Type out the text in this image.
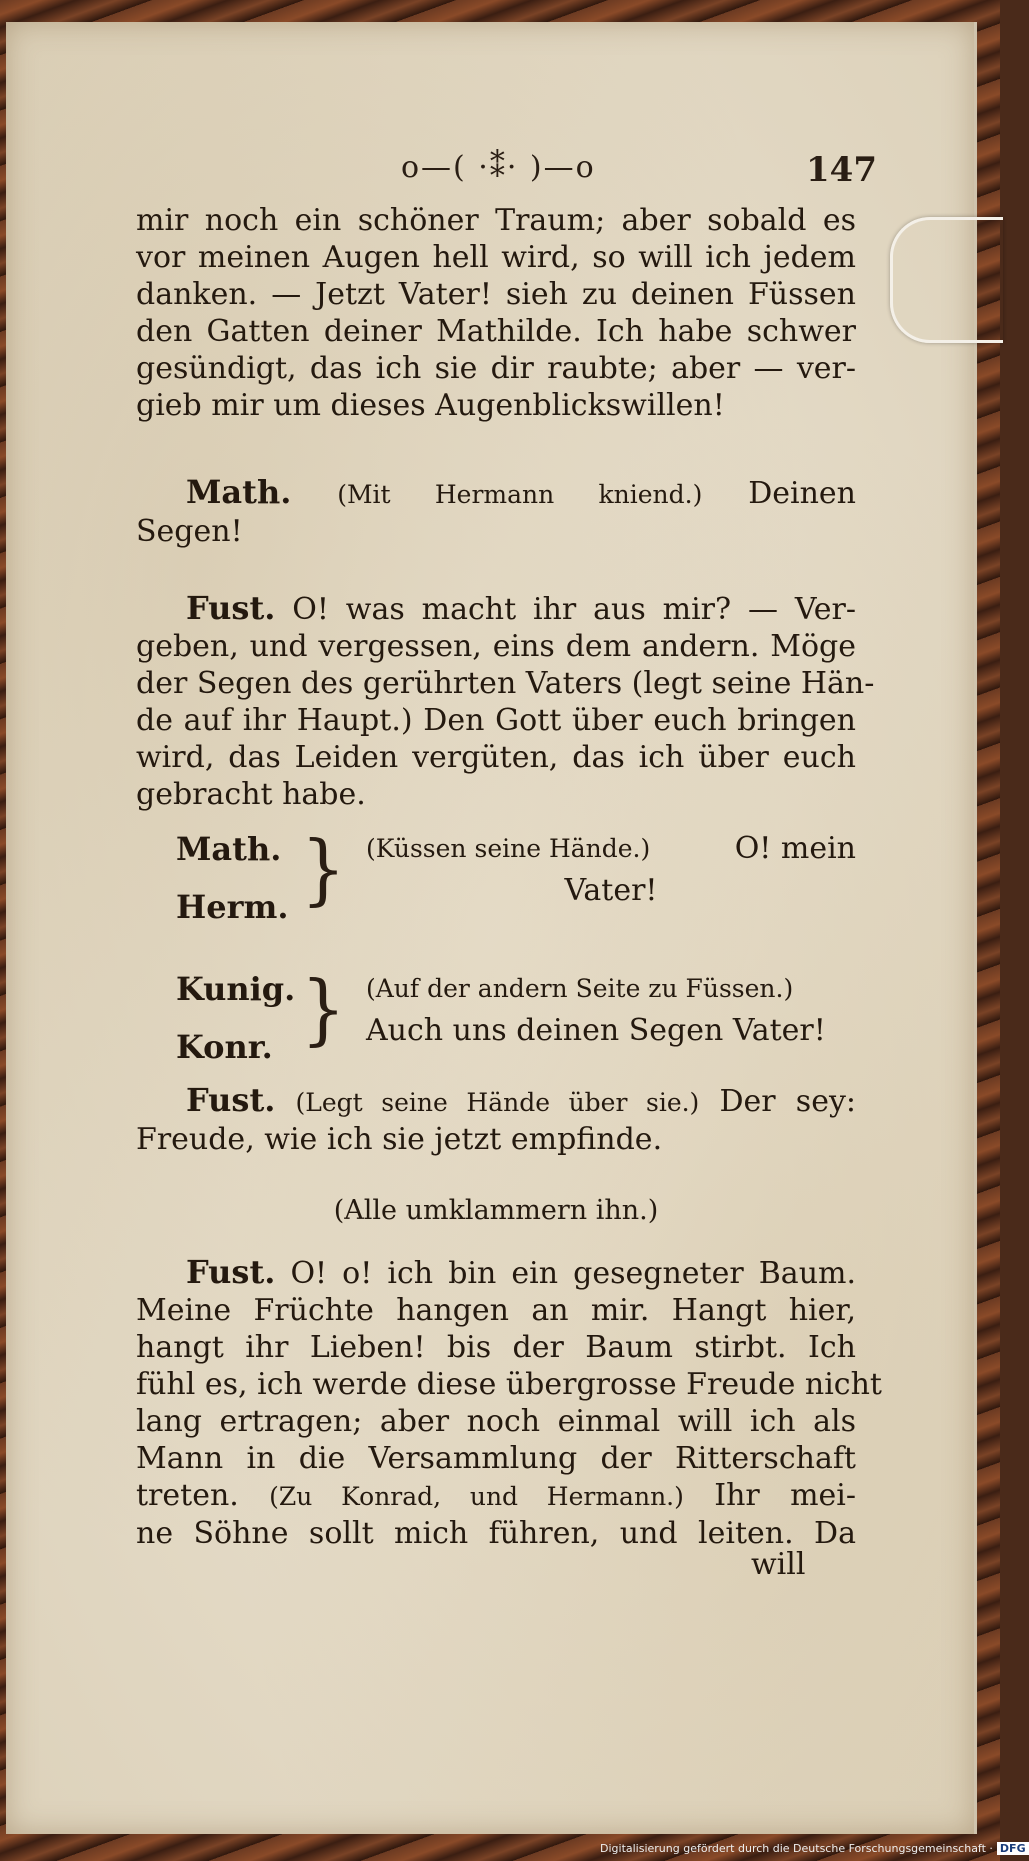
o—( ·⁑· )—o	147
mir noch ein schöner Traum; aber sobald es
vor meinen Augen hell wird, so will ich jedem
danken. — Jetzt Vater! sieh zu deinen Füssen
den Gatten deiner Mathilde. Ich habe schwer
gesündigt, das ich sie dir raubte; aber — ver-
gieb mir um dieses Augenblickswillen!
Math. (Mit Hermann kniend.) Deinen
Segen!
Fust. O! was macht ihr aus mir? — Ver-
geben, und vergessen, eins dem andern. Möge
der Segen des gerührten Vaters (legt seine Hän-
de auf ihr Haupt.) Den Gott über euch bringen
wird, das Leiden vergüten, das ich über euch
gebracht habe.
Math.
Herm. } (Küssen seine Hände.)	O! mein
Vater!
Kunig.
Konr. } (Auf der andern Seite zu Füssen.)
Auch uns deinen Segen Vater!
Fust. (Legt seine Hände über sie.) Der sey:
Freude, wie ich sie jetzt empfinde.
(Alle umklammern ihn.)
Fust. O! o! ich bin ein gesegneter Baum.
Meine Früchte hangen an mir. Hangt hier,
hangt ihr Lieben! bis der Baum stirbt. Ich
fühl es, ich werde diese übergrosse Freude nicht
lang ertragen; aber noch einmal will ich als
Mann in die Versammlung der Ritterschaft
treten. (Zu Konrad, und Hermann.) Ihr mei-
ne Söhne sollt mich führen, und leiten. Da
will
Digitalisierung gefördert durch die Deutsche Forschungsgemeinschaft · DFG
